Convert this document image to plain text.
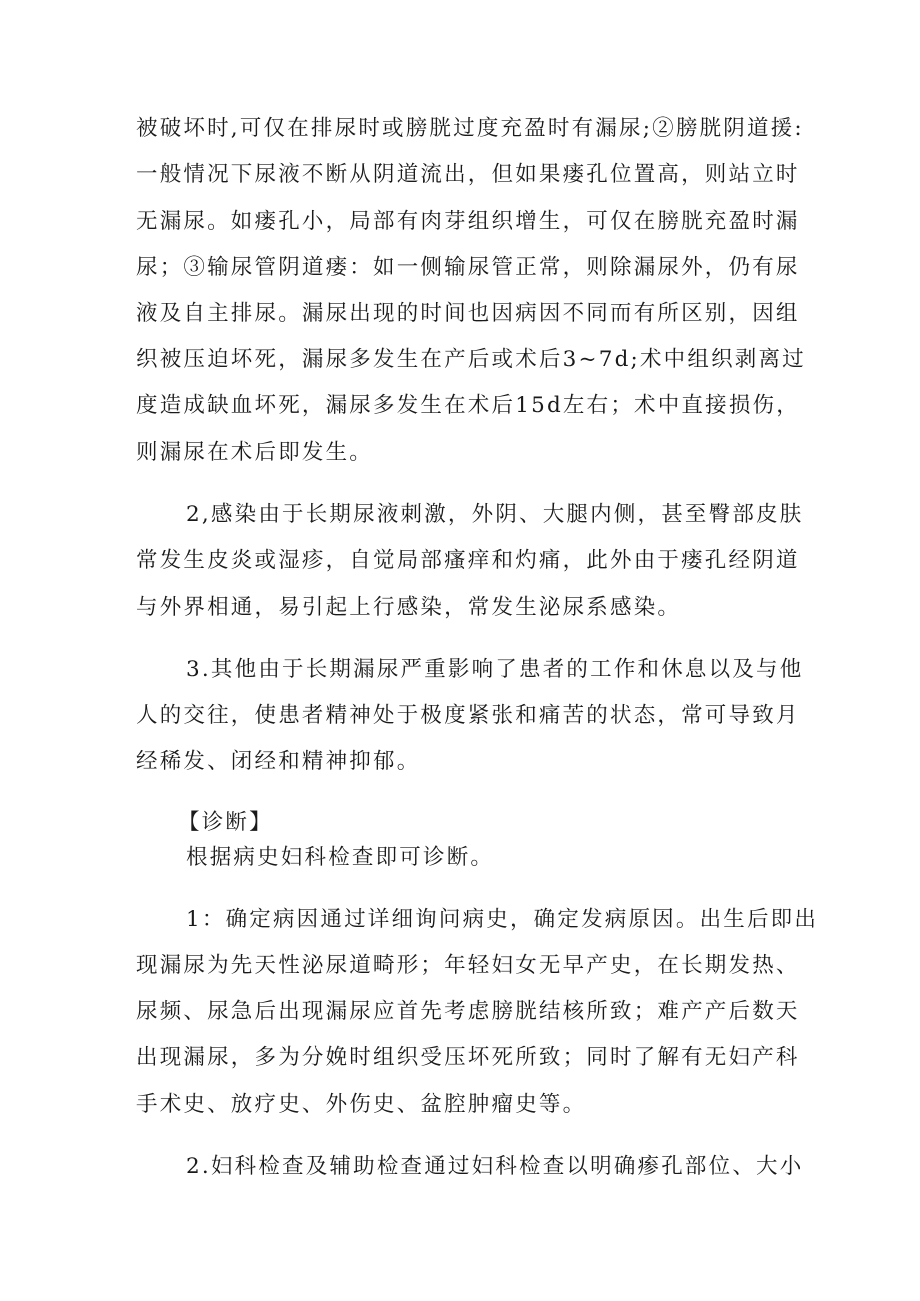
被破坏时,可仅在排尿时或膀胱过度充盈时有漏尿;②膀胱阴道援:
一般情况下尿液不断从阴道流出，但如果瘘孔位置高，则站立时
无漏尿。如瘘孔小，局部有肉芽组织增生，可仅在膀胱充盈时漏
尿；③输尿管阴道瘘：如一侧输尿管正常，则除漏尿外，仍有尿
液及自主排尿。漏尿出现的时间也因病因不同而有所区别，因组
织被压迫坏死，漏尿多发生在产后或术后3~7d;术中组织剥离过
度造成缺血坏死，漏尿多发生在术后15d左右；术中直接损伤，
则漏尿在术后即发生。
2,感染由于长期尿液刺激，外阴、大腿内侧，甚至臀部皮肤
常发生皮炎或湿疹，自觉局部瘙痒和灼痛，此外由于瘘孔经阴道
与外界相通，易引起上行感染，常发生泌尿系感染。
3.其他由于长期漏尿严重影响了患者的工作和休息以及与他
人的交往，使患者精神处于极度紧张和痛苦的状态，常可导致月
经稀发、闭经和精神抑郁。
【诊断】
根据病史妇科检查即可诊断。
1：确定病因通过详细询问病史，确定发病原因。出生后即出
现漏尿为先天性泌尿道畸形；年轻妇女无早产史，在长期发热、
尿频、尿急后出现漏尿应首先考虑膀胱结核所致；难产产后数天
出现漏尿，多为分娩时组织受压坏死所致；同时了解有无妇产科
手术史、放疗史、外伤史、盆腔肿瘤史等。
2.妇科检查及辅助检查通过妇科检查以明确瘆孔部位、大小
